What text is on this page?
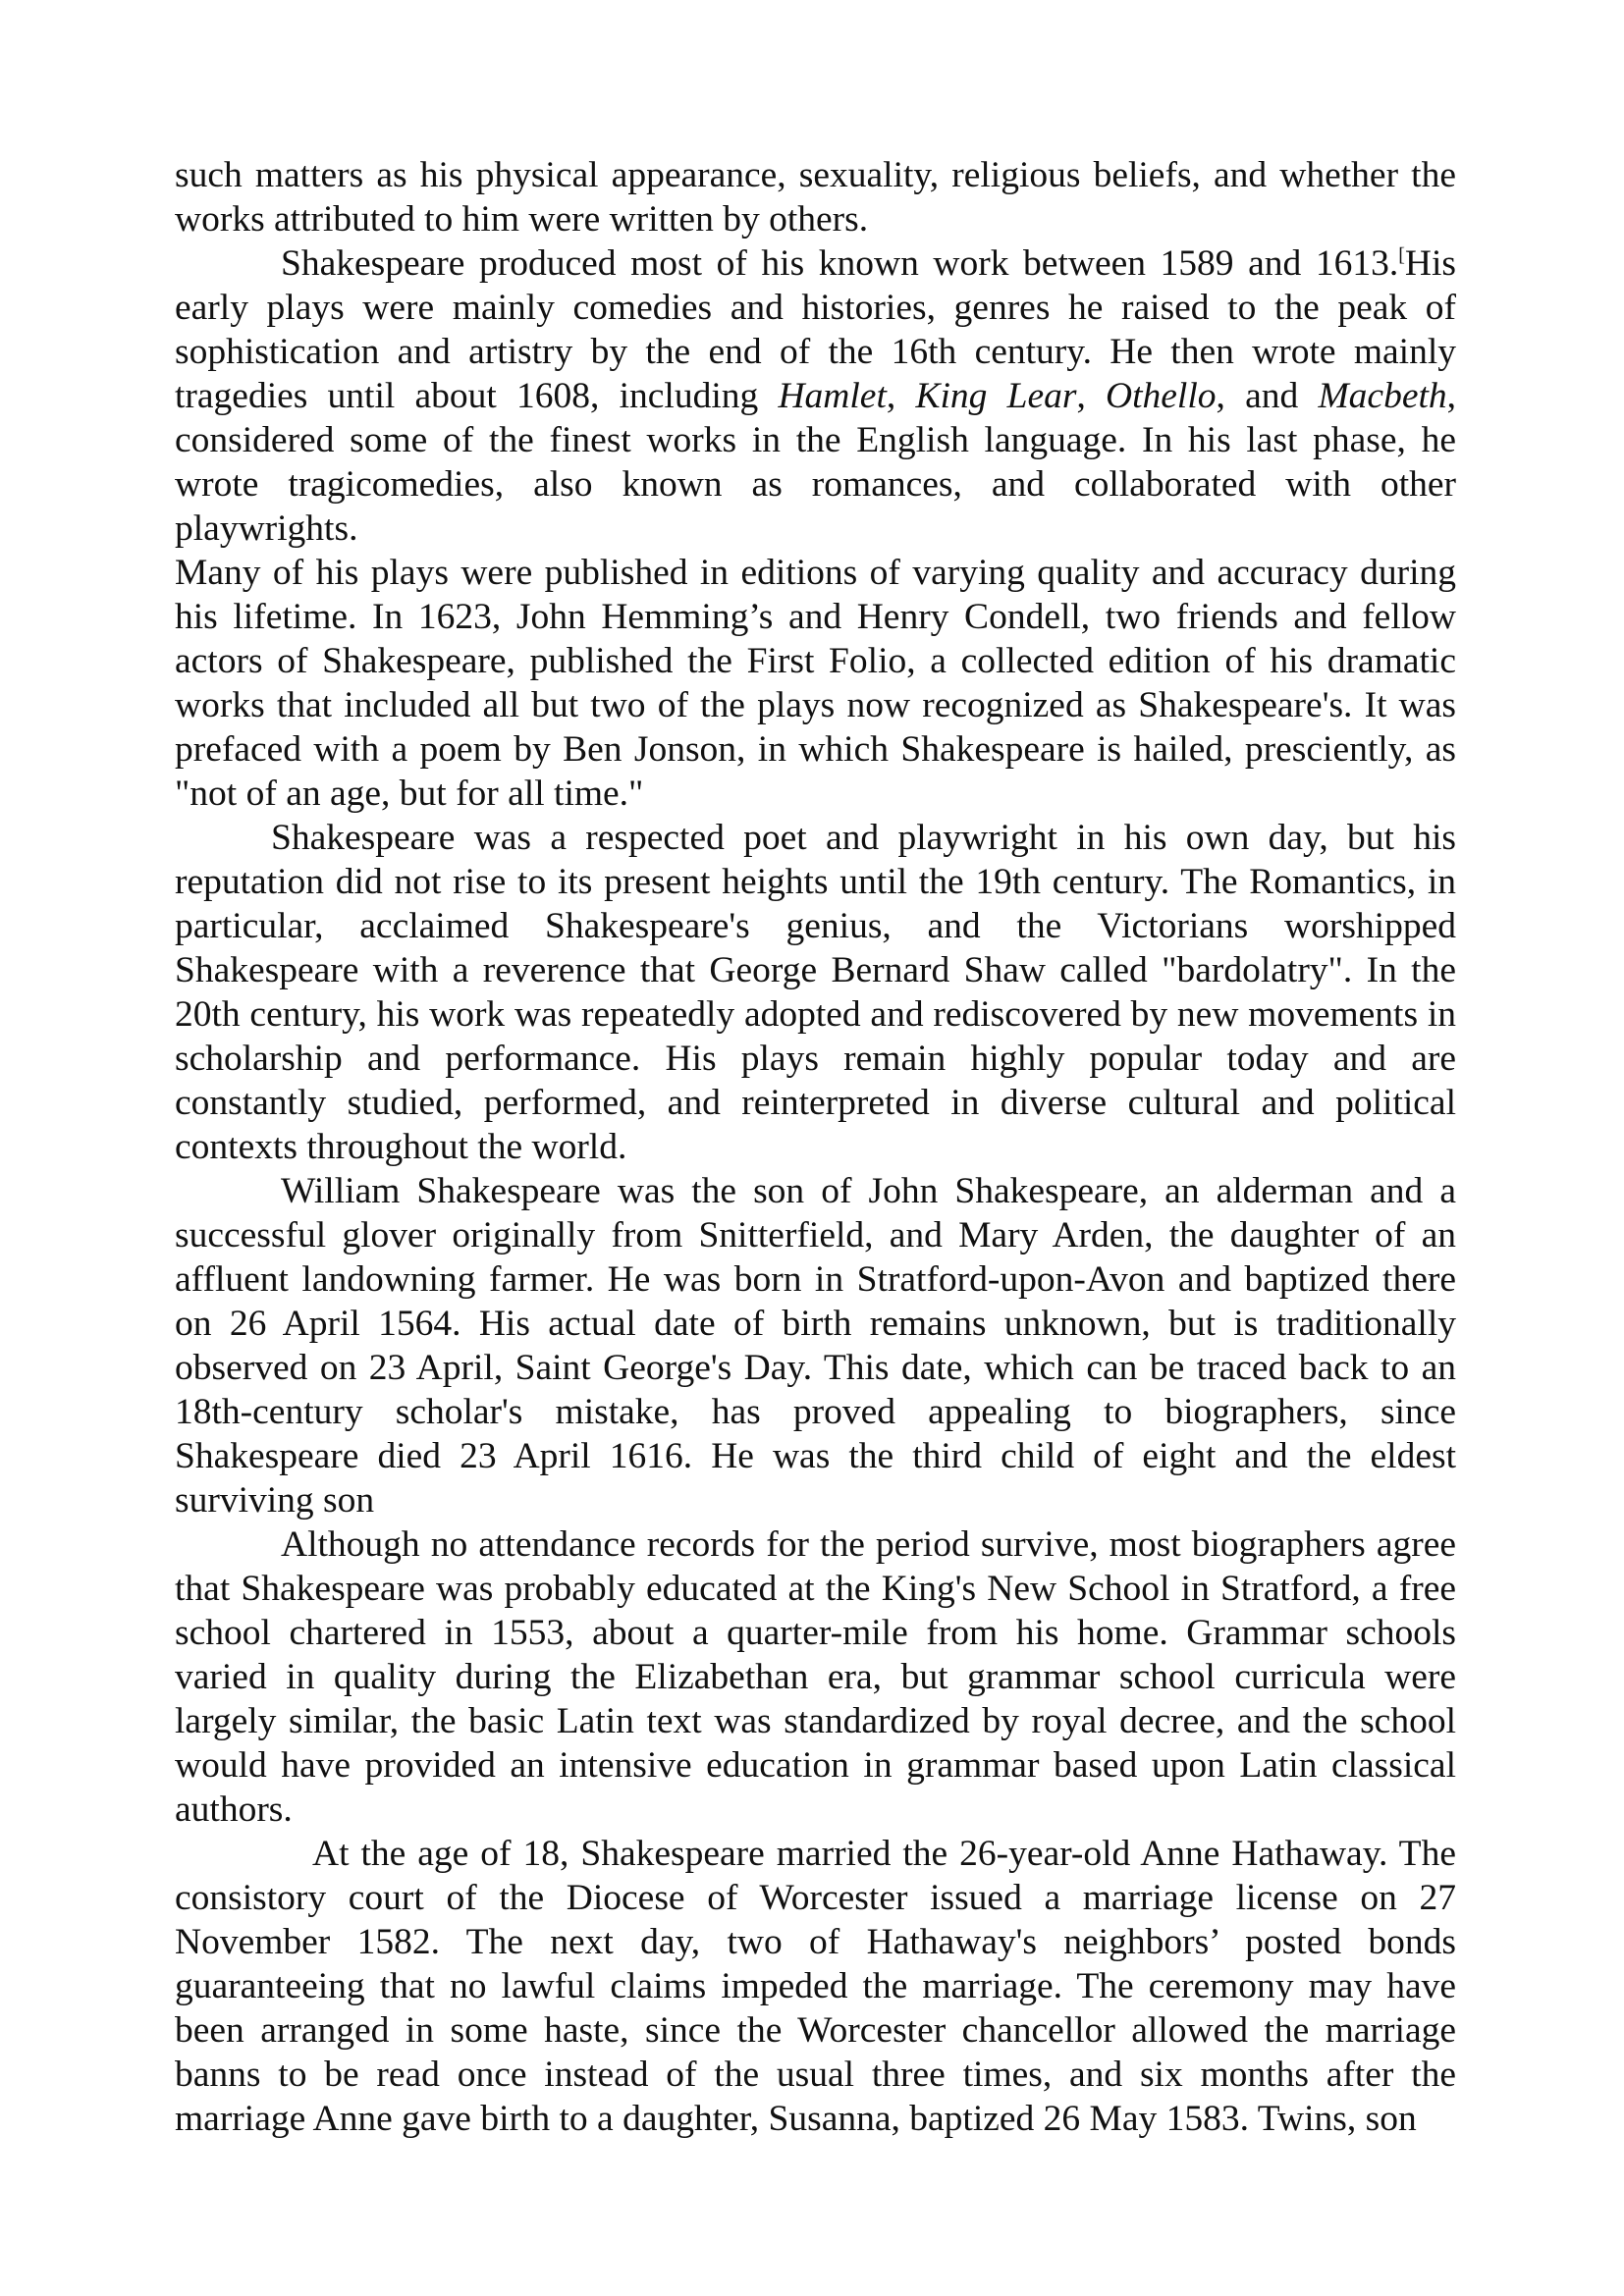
such matters as his physical appearance, sexuality, religious beliefs, and whether the works attributed to him were written by others.

Shakespeare produced most of his known work between 1589 and 1613.[His early plays were mainly comedies and histories, genres he raised to the peak of sophistication and artistry by the end of the 16th century. He then wrote mainly tragedies until about 1608, including Hamlet, King Lear, Othello, and Macbeth, considered some of the finest works in the English language. In his last phase, he wrote tragicomedies, also known as romances, and collaborated with other playwrights.

Many of his plays were published in editions of varying quality and accuracy during his lifetime. In 1623, John Hemming’s and Henry Condell, two friends and fellow actors of Shakespeare, published the First Folio, a collected edition of his dramatic works that included all but two of the plays now recognized as Shakespeare's. It was prefaced with a poem by Ben Jonson, in which Shakespeare is hailed, presciently, as "not of an age, but for all time."

Shakespeare was a respected poet and playwright in his own day, but his reputation did not rise to its present heights until the 19th century. The Romantics, in particular, acclaimed Shakespeare's genius, and the Victorians worshipped Shakespeare with a reverence that George Bernard Shaw called "bardolatry". In the 20th century, his work was repeatedly adopted and rediscovered by new movements in scholarship and performance. His plays remain highly popular today and are constantly studied, performed, and reinterpreted in diverse cultural and political contexts throughout the world.

William Shakespeare was the son of John Shakespeare, an alderman and a successful glover originally from Snitterfield, and Mary Arden, the daughter of an affluent landowning farmer. He was born in Stratford-upon-Avon and baptized there on 26 April 1564. His actual date of birth remains unknown, but is traditionally observed on 23 April, Saint George's Day. This date, which can be traced back to an 18th-century scholar's mistake, has proved appealing to biographers, since Shakespeare died 23 April 1616. He was the third child of eight and the eldest surviving son

Although no attendance records for the period survive, most biographers agree that Shakespeare was probably educated at the King's New School in Stratford, a free school chartered in 1553, about a quarter-mile from his home. Grammar schools varied in quality during the Elizabethan era, but grammar school curricula were largely similar, the basic Latin text was standardized by royal decree, and the school would have provided an intensive education in grammar based upon Latin classical authors.

At the age of 18, Shakespeare married the 26-year-old Anne Hathaway. The consistory court of the Diocese of Worcester issued a marriage license on 27 November 1582. The next day, two of Hathaway's neighbors’ posted bonds guaranteeing that no lawful claims impeded the marriage. The ceremony may have been arranged in some haste, since the Worcester chancellor allowed the marriage banns to be read once instead of the usual three times, and six months after the marriage Anne gave birth to a daughter, Susanna, baptized 26 May 1583. Twins, son
